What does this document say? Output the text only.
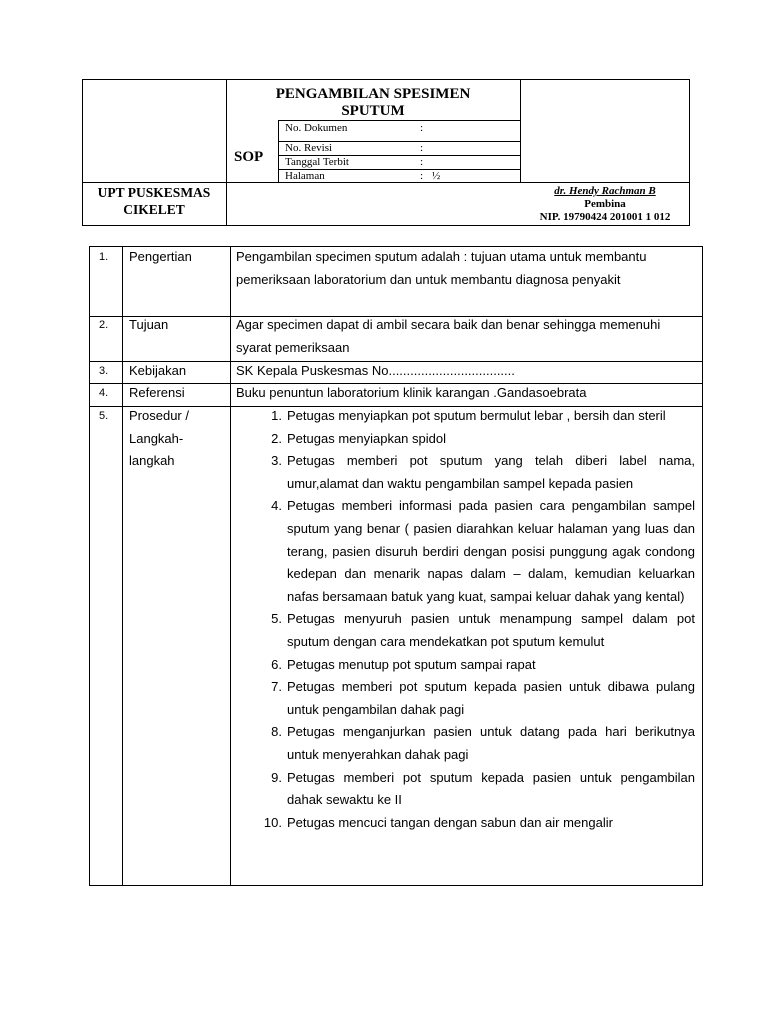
PENGAMBILAN SPESIMEN
SPUTUM
SOP
No. Dokumen	:
No. Revisi	:
Tanggal Terbit	:
Halaman	: ½
UPT PUSKESMAS
CIKELET
dr. Hendy Rachman B
Pembina
NIP. 19790424 201001 1 012
1. Pengertian	Pengambilan specimen sputum adalah : tujuan utama untuk membantu pemeriksaan laboratorium dan untuk membantu diagnosa penyakit
2. Tujuan	Agar specimen dapat di ambil secara baik dan benar sehingga memenuhi syarat pemeriksaan
3. Kebijakan	SK Kepala Puskesmas No...................................
4. Referensi	Buku penuntun laboratorium klinik karangan .Gandasoebrata
5. Prosedur / Langkah-langkah
1. Petugas menyiapkan pot sputum bermulut lebar , bersih dan steril
2. Petugas menyiapkan spidol
3. Petugas memberi pot sputum yang telah diberi label nama, umur,alamat dan waktu pengambilan sampel kepada pasien
4. Petugas memberi informasi pada pasien cara pengambilan sampel sputum yang benar ( pasien diarahkan keluar halaman yang luas dan terang, pasien disuruh berdiri dengan posisi punggung agak condong kedepan dan menarik napas dalam – dalam, kemudian keluarkan nafas bersamaan batuk yang kuat, sampai keluar dahak yang kental)
5. Petugas menyuruh pasien untuk menampung sampel dalam pot sputum dengan cara mendekatkan pot sputum kemulut
6. Petugas menutup pot sputum sampai rapat
7. Petugas memberi pot sputum kepada pasien untuk dibawa pulang untuk pengambilan dahak pagi
8. Petugas menganjurkan pasien untuk datang pada hari berikutnya untuk menyerahkan dahak pagi
9. Petugas memberi pot sputum kepada pasien untuk pengambilan dahak sewaktu ke II
10. Petugas mencuci tangan dengan sabun dan air mengalir
